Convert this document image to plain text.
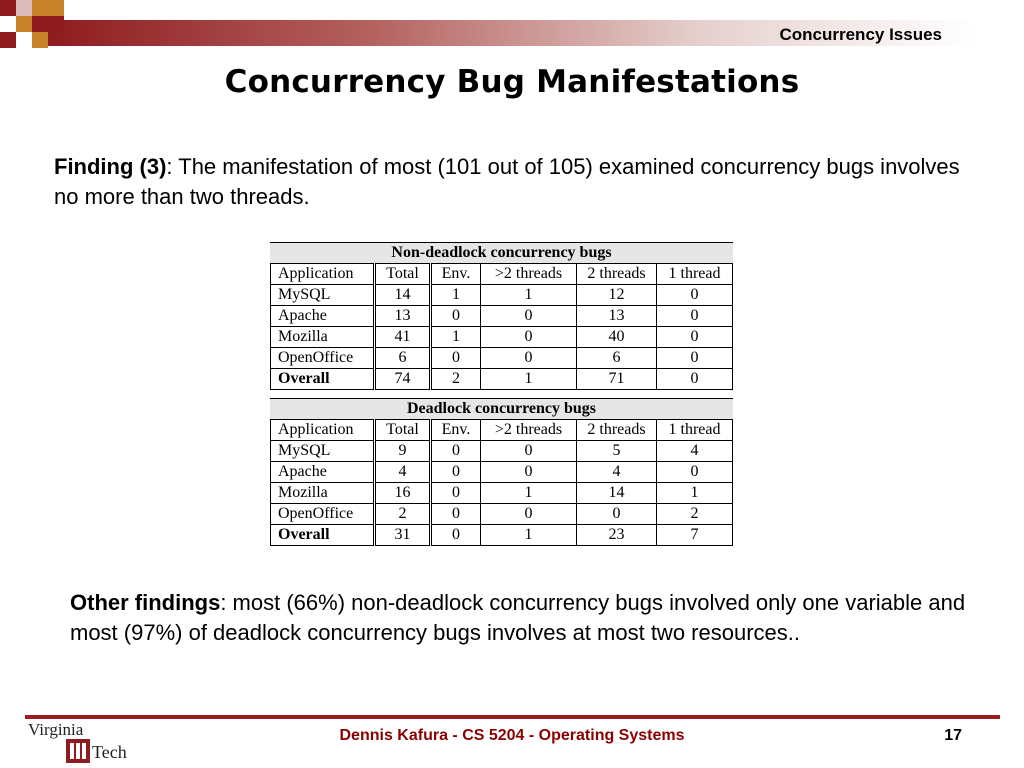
Concurrency Issues
Concurrency Bug Manifestations
Finding (3): The manifestation of most (101 out of 105) examined concurrency bugs involves no more than two threads.
Non-deadlock concurrency bugs
Application	Total	Env.	>2 threads	2 threads	1 thread
MySQL	14	1	1	12	0
Apache	13	0	0	13	0
Mozilla	41	1	0	40	0
OpenOffice	6	0	0	6	0
Overall	74	2	1	71	0
Deadlock concurrency bugs
Application	Total	Env.	>2 threads	2 threads	1 thread
MySQL	9	0	0	5	4
Apache	4	0	0	4	0
Mozilla	16	0	1	14	1
OpenOffice	2	0	0	0	2
Overall	31	0	1	23	7
Other findings: most (66%) non-deadlock concurrency bugs involved only one variable and most (97%) of deadlock concurrency bugs involves at most two resources..
Virginia
Tech
Dennis Kafura - CS 5204 - Operating Systems	17
